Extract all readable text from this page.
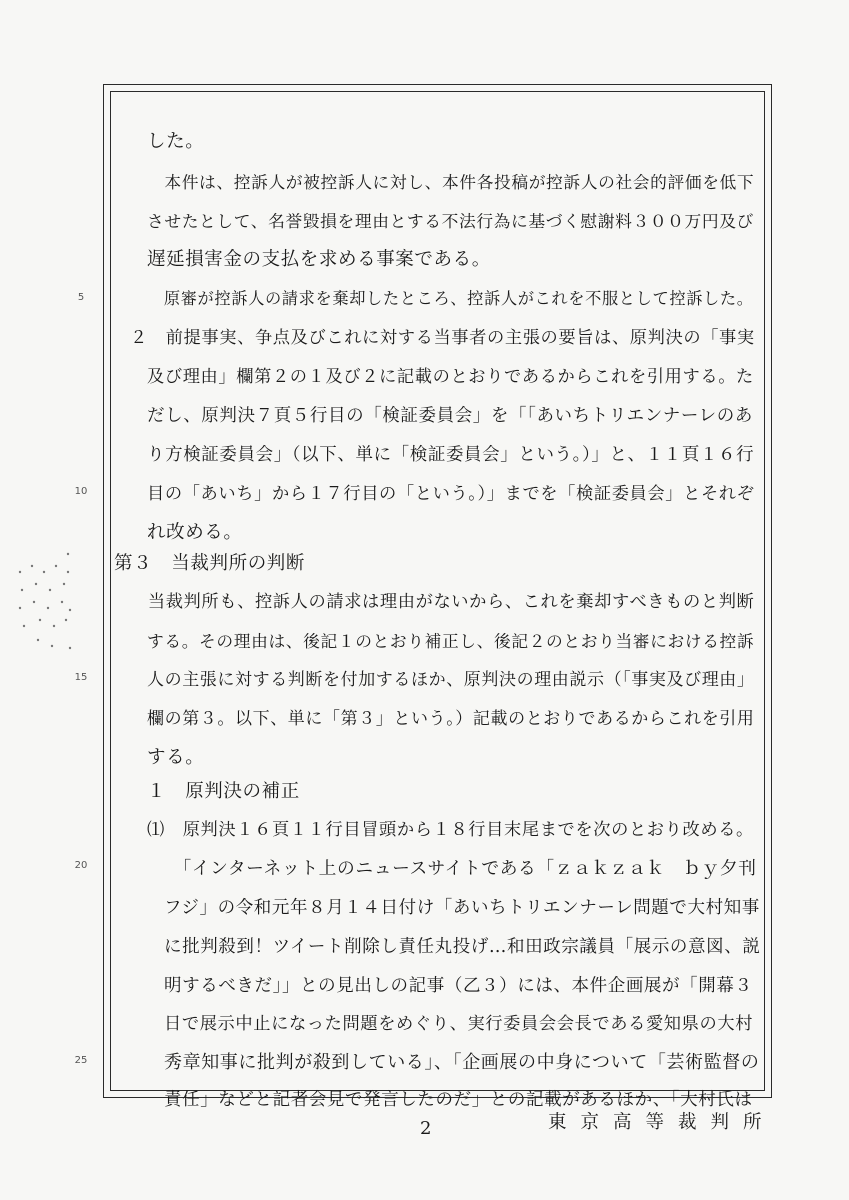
した。
　本件は、控訴人が被控訴人に対し、本件各投稿が控訴人の社会的評価を低下
させたとして、名誉毀損を理由とする不法行為に基づく慰謝料３００万円及び
遅延損害金の支払を求める事案である。
　原審が控訴人の請求を棄却したところ、控訴人がこれを不服として控訴した。
２　前提事実、争点及びこれに対する当事者の主張の要旨は、原判決の「事実
及び理由」欄第２の１及び２に記載のとおりであるからこれを引用する。た
だし、原判決７頁５行目の「検証委員会」を「「あいちトリエンナーレのあ
り方検証委員会」（以下、単に「検証委員会」という。）」と、１１頁１６行
目の「あいち」から１７行目の「という。）」までを「検証委員会」とそれぞ
れ改める。
第３　当裁判所の判断
　当裁判所も、控訴人の請求は理由がないから、これを棄却すべきものと判断
する。その理由は、後記１のとおり補正し、後記２のとおり当審における控訴
人の主張に対する判断を付加するほか、原判決の理由説示（「事実及び理由」
欄の第３。以下、単に「第３」という。）記載のとおりであるからこれを引用
する。
１　原判決の補正
⑴　原判決１６頁１１行目冒頭から１８行目末尾までを次のとおり改める。
　「インターネット上のニュースサイトである「ｚａｋｚａｋ　ｂｙ夕刊
フジ」の令和元年８月１４日付け「あいちトリエンナーレ問題で大村知事
に批判殺到！ツイート削除し責任丸投げ…和田政宗議員「展示の意図、説
明するべきだ」」との見出しの記事（乙３）には、本件企画展が「開幕３
日で展示中止になった問題をめぐり、実行委員会会長である愛知県の大村
秀章知事に批判が殺到している」、「企画展の中身について「芸術監督の
責任」などと記者会見で発言したのだ」との記載があるほか、「大村氏は
5
10
15
20
25
2	東京高等裁判所
